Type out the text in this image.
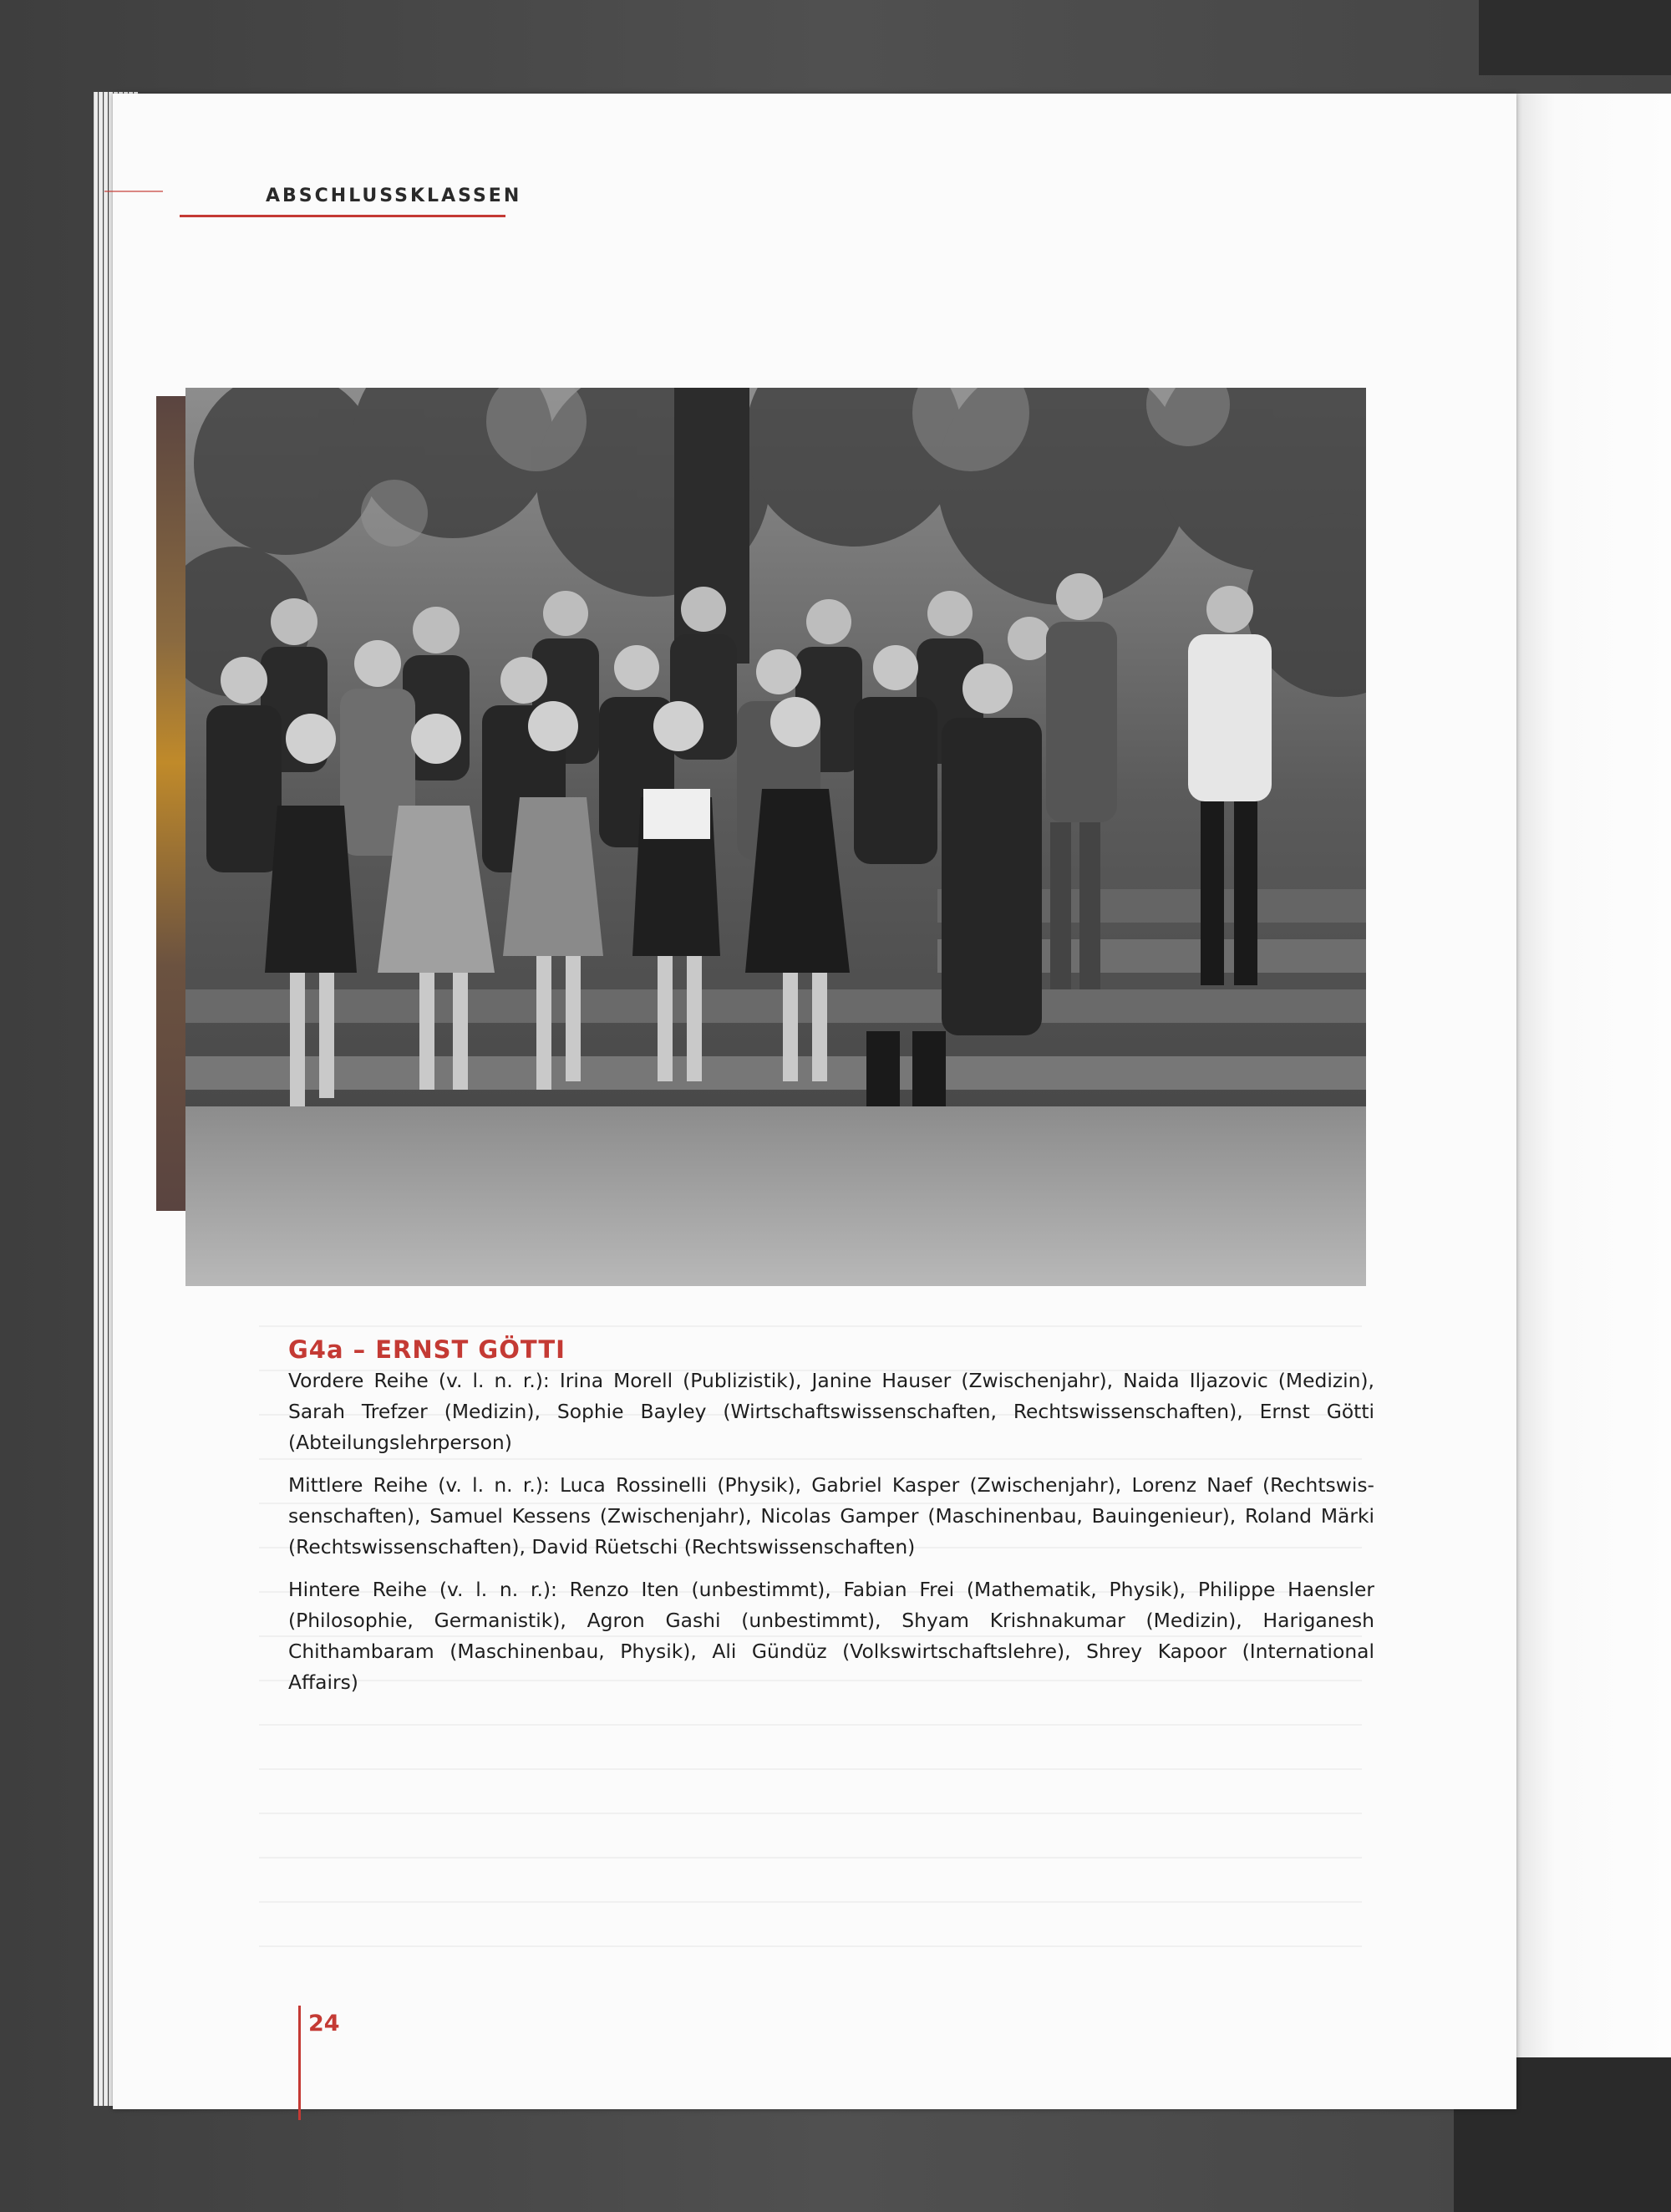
ABSCHLUSSKLASSEN
G4a – ERNST GÖTTI

Vordere Reihe (v. l. n. r.): Irina Morell (Publizistik), Janine Hauser (Zwischenjahr), Naida Iljazovic (Medizin), Sarah Trefzer (Medizin), Sophie Bayley (Wirtschaftswissenschaften, Rechtswissenschaften), Ernst Götti (Abteilungslehrperson)

Mittlere Reihe (v. l. n. r.): Luca Rossinelli (Physik), Gabriel Kasper (Zwischenjahr), Lorenz Naef (Rechtswis-senschaften), Samuel Kessens (Zwischenjahr), Nicolas Gamper (Maschinenbau, Bauingenieur), Roland Märki (Rechtswissenschaften), David Rüetschi (Rechtswissenschaften)

Hintere Reihe (v. l. n. r.): Renzo Iten (unbestimmt), Fabian Frei (Mathematik, Physik), Philippe Haensler (Philosophie, Germanistik), Agron Gashi (unbestimmt), Shyam Krishnakumar (Medizin), Hariganesh Chithambaram (Maschinenbau, Physik), Ali Gündüz (Volkswirtschaftslehre), Shrey Kapoor (International Affairs)

24
